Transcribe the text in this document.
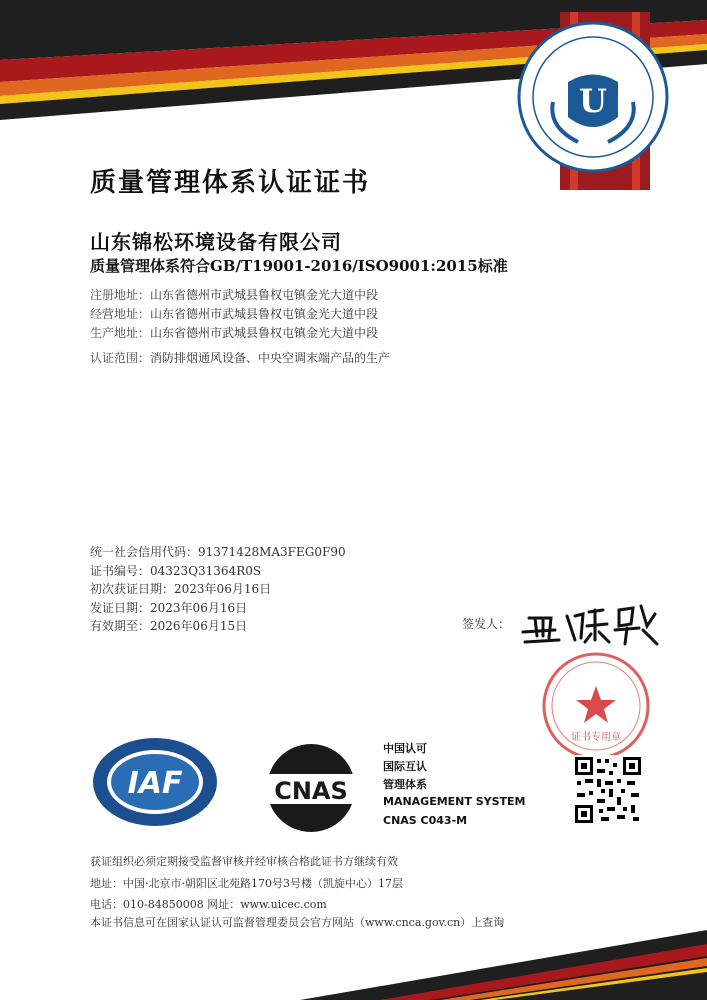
U
质量管理体系认证证书
山东锦松环境设备有限公司
质量管理体系符合GB/T19001-2016/ISO9001:2015标准
注册地址：山东省德州市武城县鲁权屯镇金光大道中段
经营地址：山东省德州市武城县鲁权屯镇金光大道中段
生产地址：山东省德州市武城县鲁权屯镇金光大道中段
认证范围：消防排烟通风设备、中央空调末端产品的生产
统一社会信用代码：91371428MA3FEG0F90
证书编号：04323Q31364R0S
初次获证日期：2023年06月16日
发证日期：2023年06月16日
有效期至：2026年06月15日	签发人：
证书专用章
IAF	CNAS
中国认可
国际互认
管理体系
MANAGEMENT SYSTEM
CNAS C043-M
获证组织必须定期接受监督审核并经审核合格此证书方继续有效
地址：中国·北京市·朝阳区北苑路170号3号楼（凯旋中心）17层
电话：010-84850008 网址：www.uicec.com
本证书信息可在国家认证认可监督管理委员会官方网站（www.cnca.gov.cn）上查询
